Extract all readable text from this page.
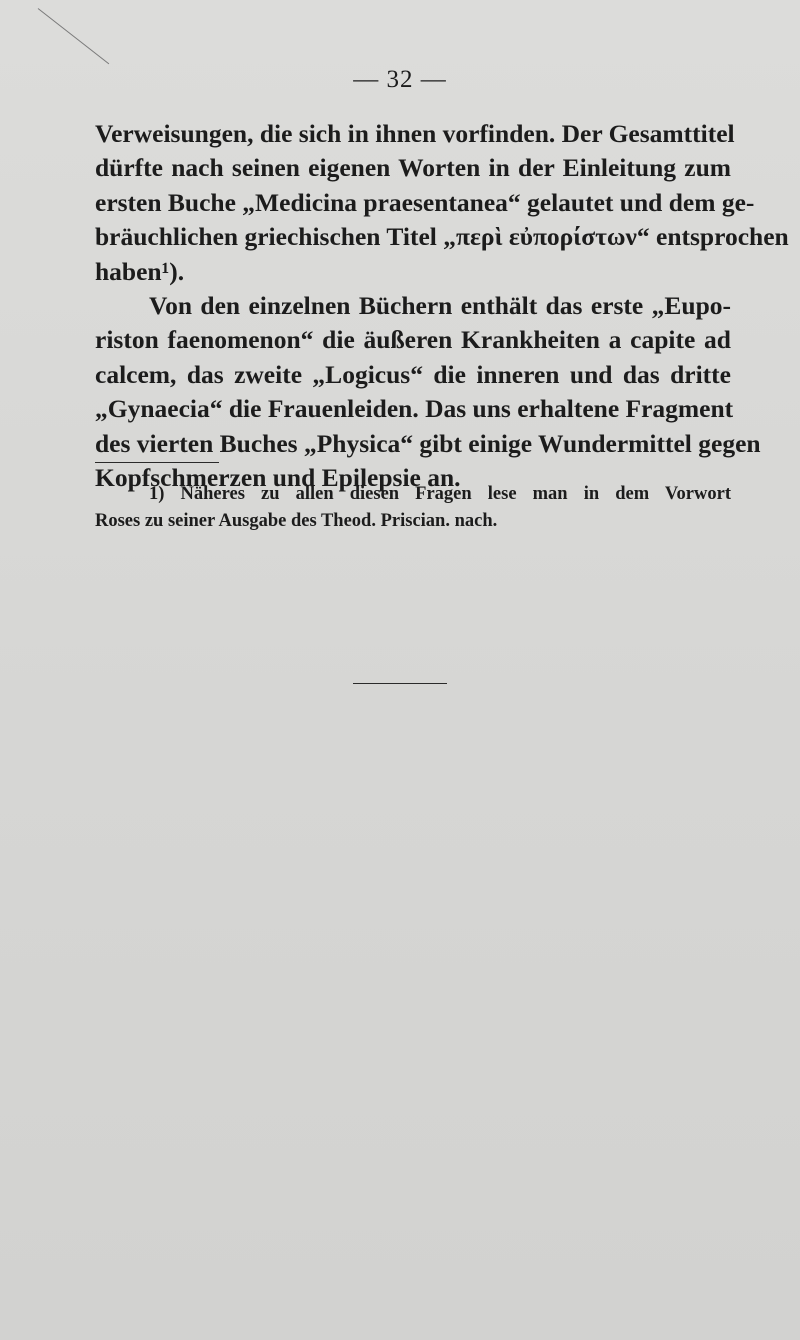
— 32 —
Verweisungen, die sich in ihnen vorfinden. Der Gesamttitel
dürfte nach seinen eigenen Worten in der Einleitung zum
ersten Buche „Medicina praesentanea“ gelautet und dem ge-
bräuchlichen griechischen Titel „περὶ εὐπορίστων“ entsprochen
haben¹).
Von den einzelnen Büchern enthält das erste „Eupo-
riston faenomenon“ die äußeren Krankheiten a capite ad
calcem, das zweite „Logicus“ die inneren und das dritte
„Gynaecia“ die Frauenleiden. Das uns erhaltene Fragment
des vierten Buches „Physica“ gibt einige Wundermittel gegen
Kopfschmerzen und Epilepsie an.
1) Näheres zu allen diesen Fragen lese man in dem Vorwort
Roses zu seiner Ausgabe des Theod. Priscian. nach.
